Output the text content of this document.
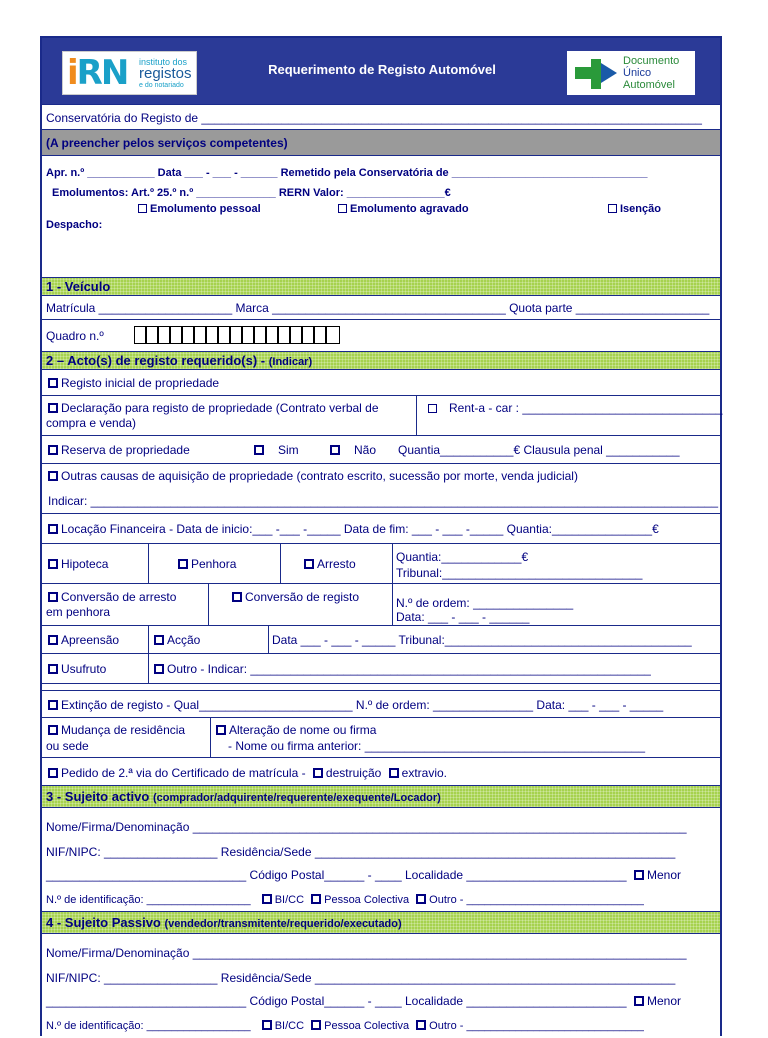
iRN instituto dos
registos
e do notariado
Requerimento de Registo Automóvel
Documento
Único
Automóvel
Conservatória do Registo de ___________________________________________________________________________
(A preencher pelos serviços competentes)
Apr. n.º ___________ Data ___ - ___ - ______ Remetido pela Conservatória de ________________________________
Emolumentos: Art.º 25.º n.º _____________ RERN Valor: ________________€
Emolumento pessoal	Emolumento agravado	Isenção
Despacho:
1 - Veículo
Matrícula ____________________ Marca ___________________________________ Quota parte ____________________
Quadro n.º
2 – Acto(s) de registo requerido(s) - (Indicar)
Registo inicial de propriedade
Declaração para registo de propriedade (Contrato verbal de
compra e venda)
Rent-a - car : ______________________________
Reserva de propriedade	Sim	Não Quantia___________€ Clausula penal ___________
Outras causas de aquisição de propriedade (contrato escrito, sucessão por morte, venda judicial)
Indicar: ______________________________________________________________________________________________
Locação Financeira - Data de inicio:___ -___ -_____ Data de fim: ___ - ___ -_____ Quantia:_______________€
Hipoteca	Penhora	Arresto	Quantia:____________€
Tribunal:______________________________
Conversão de arresto
em penhora
Conversão de registo	N.º de ordem: _______________
Data: ___ - ___ - ______
Apreensão	Acção	Data ___ - ___ - _____ Tribunal:_____________________________________
Usufruto	Outro - Indicar: ____________________________________________________________
Extinção de registo - Qual_______________________ N.º de ordem: _______________ Data: ___ - ___ - _____
Mudança de residência
ou sede
Alteração de nome ou firma
- Nome ou firma anterior: __________________________________________
Pedido de 2.ª via do Certificado de matrícula - destruição extravio.
3 - Sujeito activo (comprador/adquirente/requerente/exequente/Locador)
Nome/Firma/Denominação __________________________________________________________________________
NIF/NIPC: _________________ Residência/Sede ______________________________________________________
______________________________ Código Postal______ - ____ Localidade ________________________	Menor
N.º de identificação: _________________ BI/CC Pessoa Colectiva Outro - _____________________________
4 - Sujeito Passivo (vendedor/transmitente/requerido/executado)
Nome/Firma/Denominação __________________________________________________________________________
NIF/NIPC: _________________ Residência/Sede ______________________________________________________
______________________________ Código Postal______ - ____ Localidade ________________________	Menor
N.º de identificação: _________________ BI/CC Pessoa Colectiva Outro - _____________________________
